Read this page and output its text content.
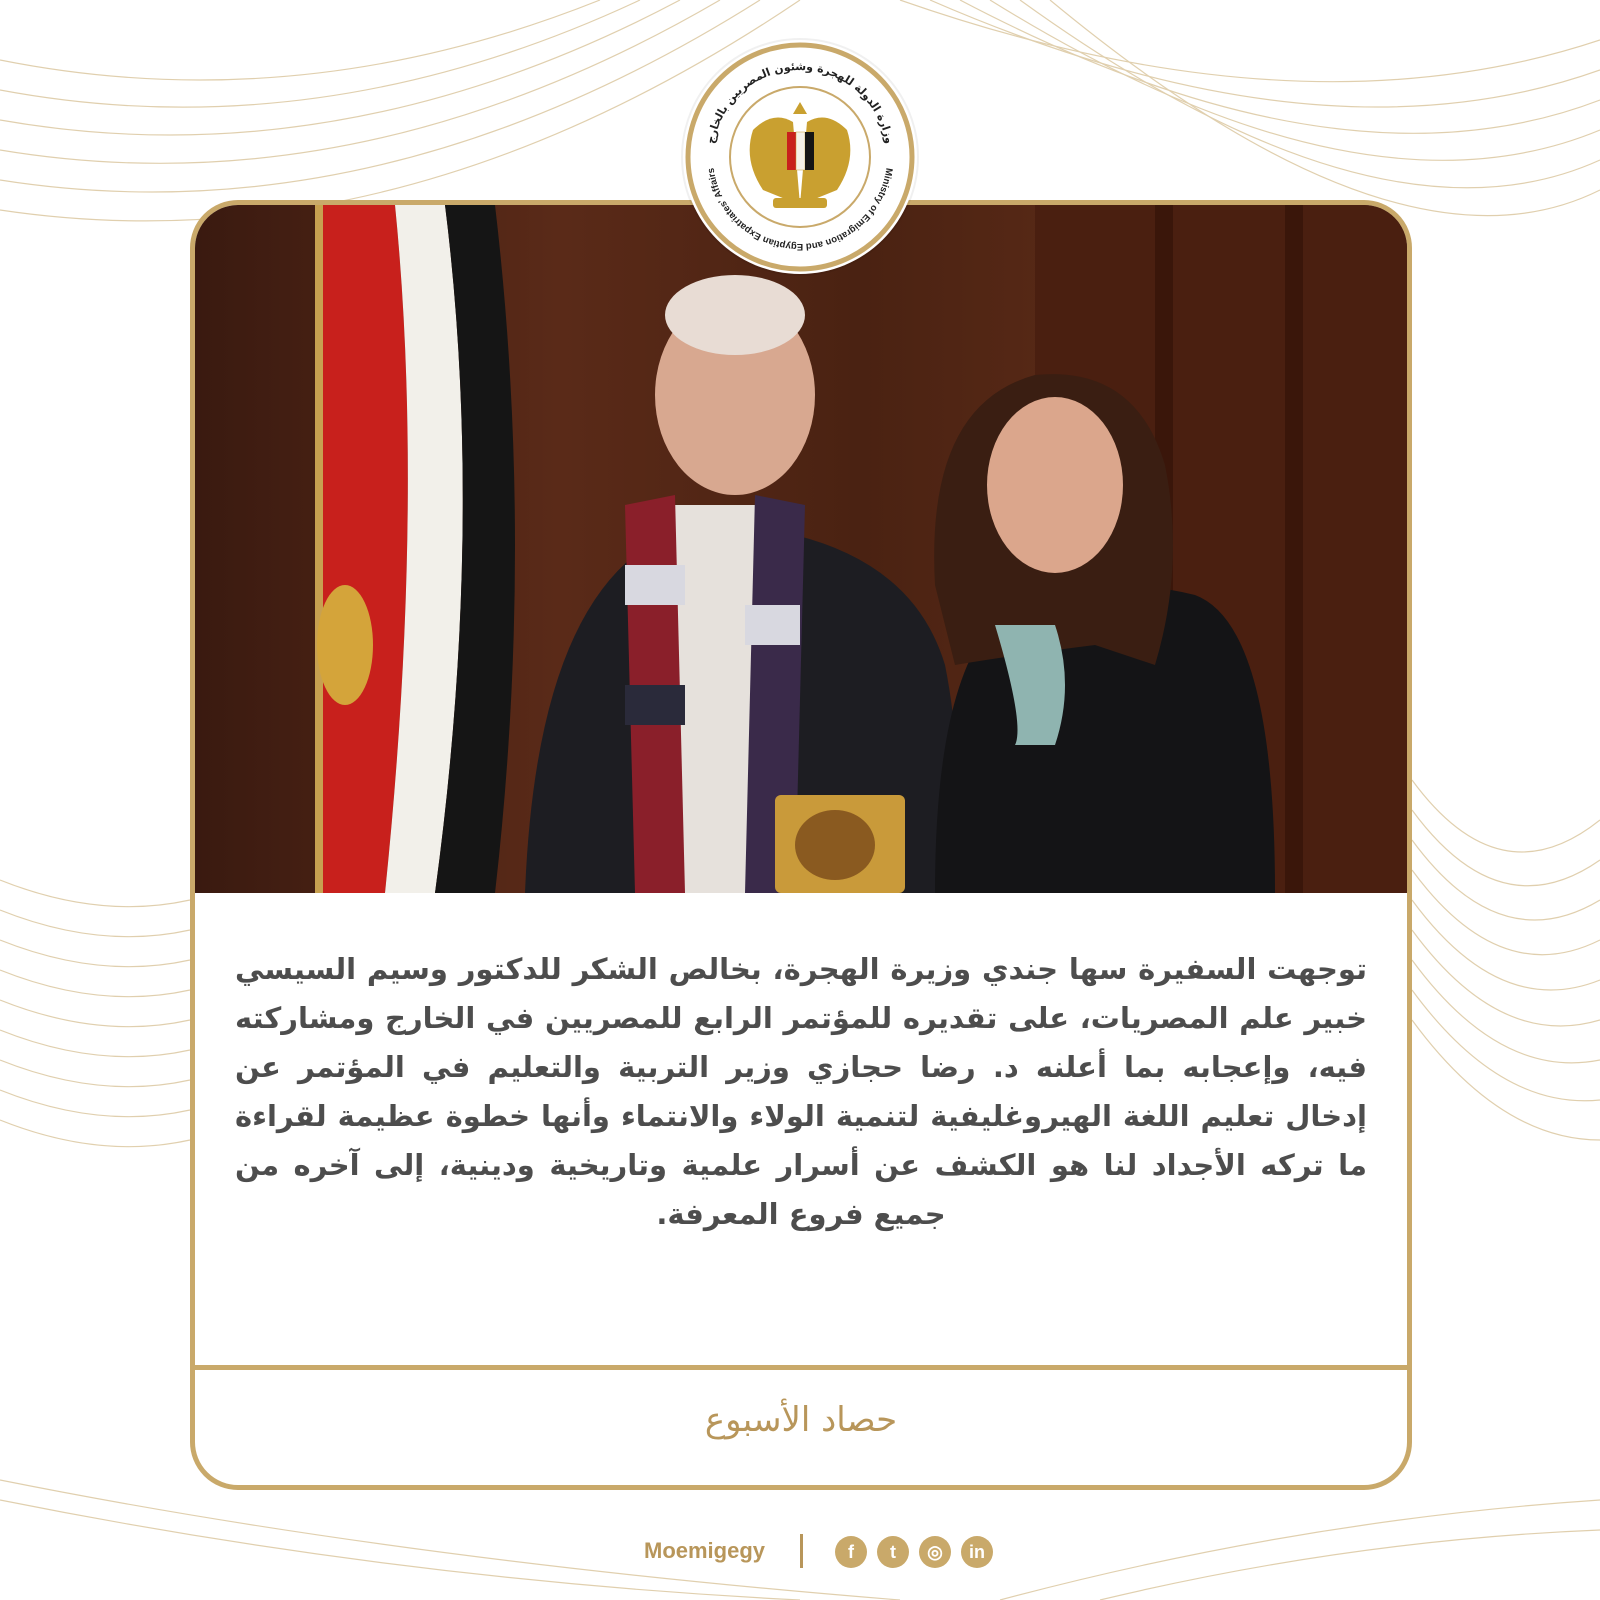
توجهت السفيرة سها جندي وزيرة الهجرة، بخالص الشكر للدكتور وسيم السيسي خبير علم المصريات، على تقديره للمؤتمر الرابع للمصريين في الخارج ومشاركته فيه، وإعجابه بما أعلنه د. رضا حجازي وزير التربية والتعليم في المؤتمر عن إدخال تعليم اللغة الهيروغليفية لتنمية الولاء والانتماء وأنها خطوة عظيمة لقراءة ما تركه الأجداد لنا هو الكشف عن أسرار علمية وتاريخية ودينية، إلى آخره من جميع فروع المعرفة.

حصاد الأسبوع
وزارة الدولة للهجرة وشئون المصريين بالخارج
Ministry of Emigration and Egyptian Expatriates' Affairs
Moemigegy	f	t	◎	in
